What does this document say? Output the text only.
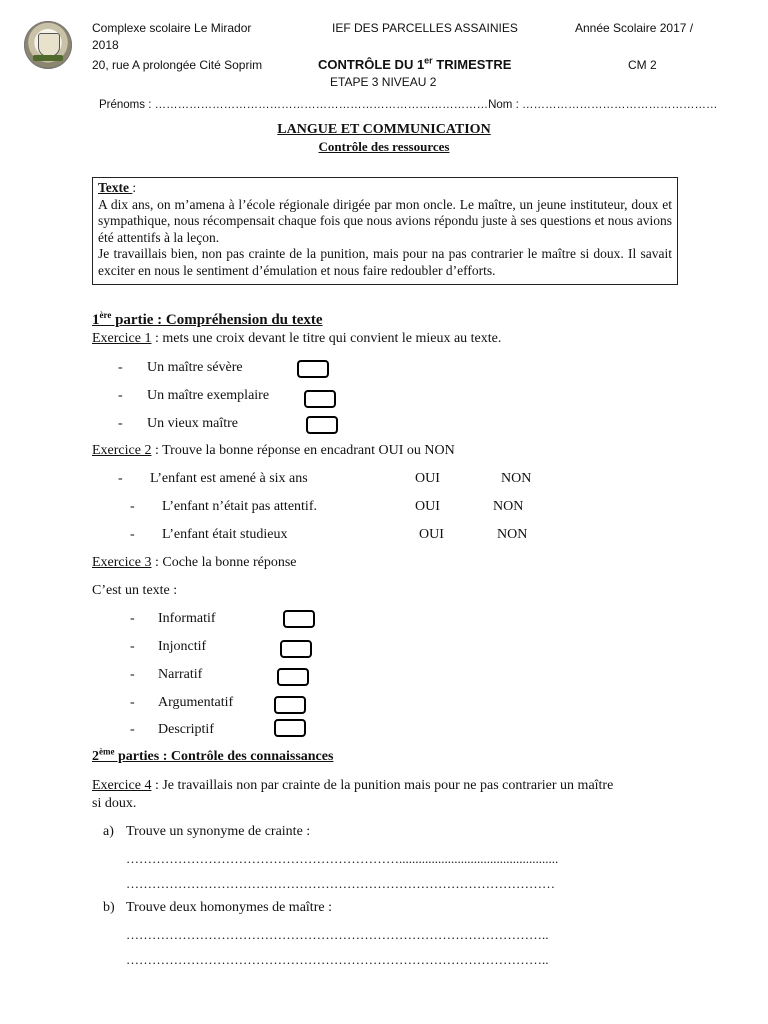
Complexe scolaire Le Mirador	IEF DES PARCELLES ASSAINIES	Année Scolaire 2017 /
2018
20, rue A prolongée Cité Soprim	CONTRÔLE DU 1er TRIMESTRE	CM 2
ETAPE 3 NIVEAU 2
Prénoms : ……………………………………………………………………………Nom : ……………………………………………
LANGUE ET COMMUNICATION
Contrôle des ressources

Texte :

A dix ans, on m’amena à l’école régionale dirigée par mon oncle. Le maître, un jeune instituteur, doux et sympathique, nous récompensait chaque fois que nous avions répondu juste à ses questions et nous avions été attentifs à la leçon.

Je travaillais bien, non pas crainte de la punition, mais pour na pas contrarier le maître si doux. Il savait exciter en nous le sentiment d’émulation et nous faire redoubler d’efforts.

1ère partie : Compréhension du texte
Exercice 1 : mets une croix devant le titre qui convient le mieux au texte.
- Un maître sévère
- Un maître exemplaire
- Un vieux maître
Exercice 2 : Trouve la bonne réponse en encadrant OUI ou NON
- L’enfant est amené à six ans	OUI	NON
- L’enfant n’était pas attentif.	OUI	NON
- L’enfant était studieux	OUI	NON
Exercice 3 : Coche la bonne réponse
C’est un texte :
- Informatif
- Injonctif
- Narratif
- Argumentatif
- Descriptif
2ème parties : Contrôle des connaissances
Exercice 4 : Je travaillais non par crainte de la punition mais pour ne pas contrarier un maître
si doux.
a) Trouve un synonyme de crainte :
……………………………………………………….................................................
………………………………………………………………………………………
b) Trouve deux homonymes de maître :
……………………………………………………………………………………..
……………………………………………………………………………………..
